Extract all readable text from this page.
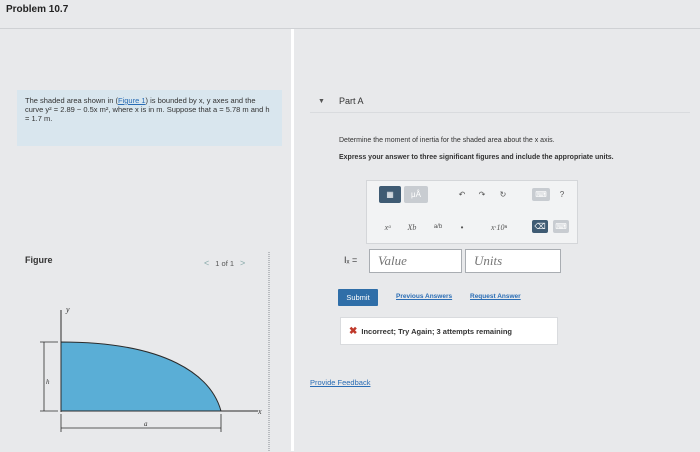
Problem 10.7
The shaded area shown in (Figure 1) is bounded by x, y axes and the curve y² = 2.89 − 0.5x m², where x is in m. Suppose that a = 5.78 m and h = 1.7 m.
Figure	< 1 of 1 >
y
x
h
a
▼ Part A
Determine the moment of inertia for the shaded area about the x axis.
Express your answer to three significant figures and include the appropriate units.
▦	μÅ	↶	↷	↻	⌨	?
xᵃ	Xb	a/b	•	x·10ⁿ	⌫ ⌨
Iₓ =
Value
Units
Submit	Previous Answers	Request Answer
✖ Incorrect; Try Again; 3 attempts remaining
Provide Feedback
